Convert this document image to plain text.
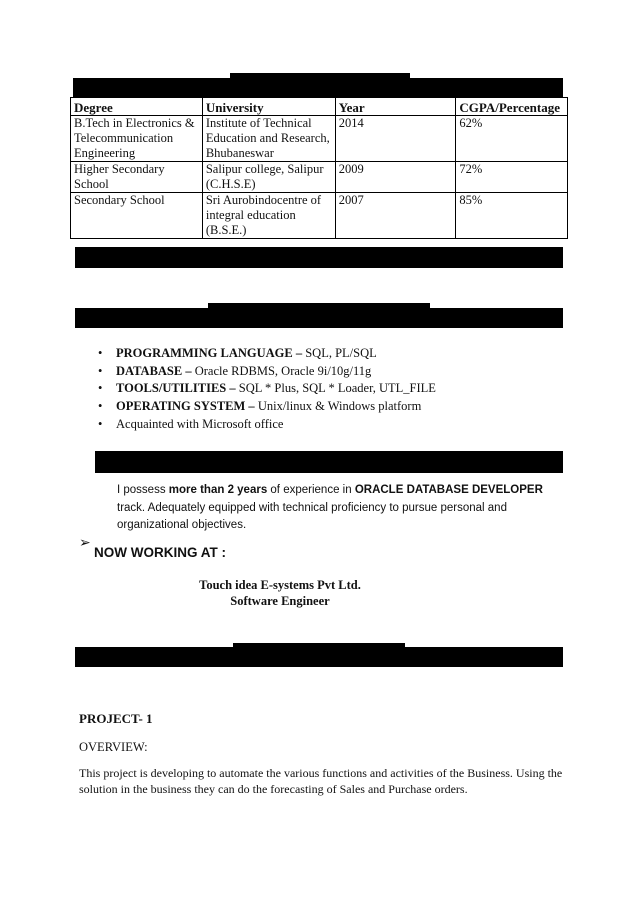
Degree	University	Year	CGPA/Percentage
B.Tech in Electronics & Telecommunication Engineering	Institute of Technical Education and Research, Bhubaneswar	2014	62%
Higher Secondary School	Salipur college, Salipur (C.H.S.E)	2009	72%
Secondary School	Sri Aurobindocentre of integral education (B.S.E.)	2007	85%
• PROGRAMMING LANGUAGE – SQL, PL/SQL
• DATABASE – Oracle RDBMS, Oracle 9i/10g/11g
• TOOLS/UTILITIES – SQL * Plus, SQL * Loader, UTL_FILE
• OPERATING SYSTEM – Unix/linux & Windows platform
• Acquainted with Microsoft office
I possess more than 2 years of experience in ORACLE DATABASE DEVELOPER track. Adequately equipped with technical proficiency to pursue personal and organizational objectives.
➢
NOW WORKING AT :
Touch idea E-systems Pvt Ltd.
Software Engineer
PROJECT- 1
OVERVIEW:
This project is developing to automate the various functions and activities of the Business. Using the solution in the business they can do the forecasting of Sales and Purchase orders.
